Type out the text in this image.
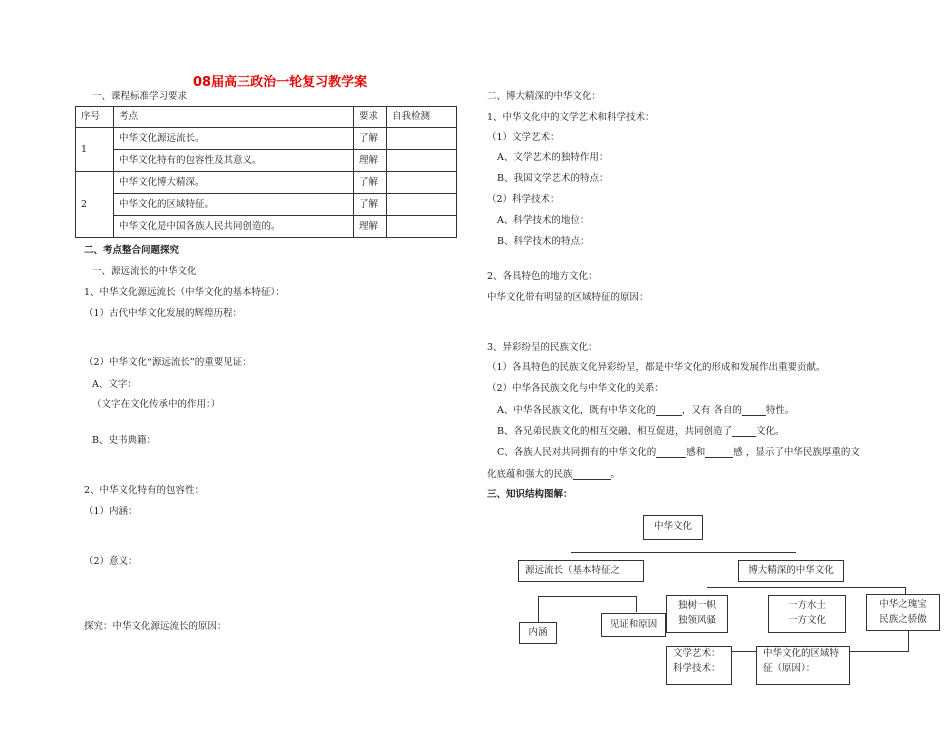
08届高三政治一轮复习教学案
一、课程标准学习要求
序号	考点	要求	自我检测
1	中华文化源远流长。	了解	
	中华文化特有的包容性及其意义。	理解	
2	中华文化博大精深。	了解	
	中华文化的区域特征。	了解	
	中华文化是中国各族人民共同创造的。	理解	
二、考点整合问题探究
一、源远流长的中华文化
1、中华文化源远流长（中华文化的基本特征）：
（1）古代中华文化发展的辉煌历程：
（2）中华文化“源远流长”的重要见证：
A、文字：
（文字在文化传承中的作用：）
B、史书典籍：
2、中华文化特有的包容性：
（1）内涵：
（2）意义：
探究：中华文化源远流长的原因：
二、博大精深的中华文化：
1、中华文化中的文学艺术和科学技术：
（1）文学艺术：
A、文学艺术的独特作用：
B、我国文学艺术的特点：
（2）科学技术：
A、科学技术的地位：
B、科学技术的特点：
2、各具特色的地方文化：
中华文化带有明显的区域特征的原因：
3、异彩纷呈的民族文化：
（1）各具特色的民族文化异彩纷呈，都是中华文化的形成和发展作出重要贡献。
（2）中华各民族文化与中华文化的关系：
A、中华各民族文化，既有中华文化的	，又有 各自的	特性。
B、各兄弟民族文化的相互交融、相互促进，共同创造了	文化。
C、各族人民对共同拥有的中华文化的	感和	感 ，显示了中华民族厚重的文
化底蕴和强大的民族	。
三、知识结构图解：
中华文化
源远流长（基本特征之	博大精深的中华文化
内涵
见证和原因
独树一帜
独领风骚
一方水土
一方文化
中华之瑰宝
民族之骄傲
文学艺术：
科学技术：
中华文化的区域特
征（原因）：
